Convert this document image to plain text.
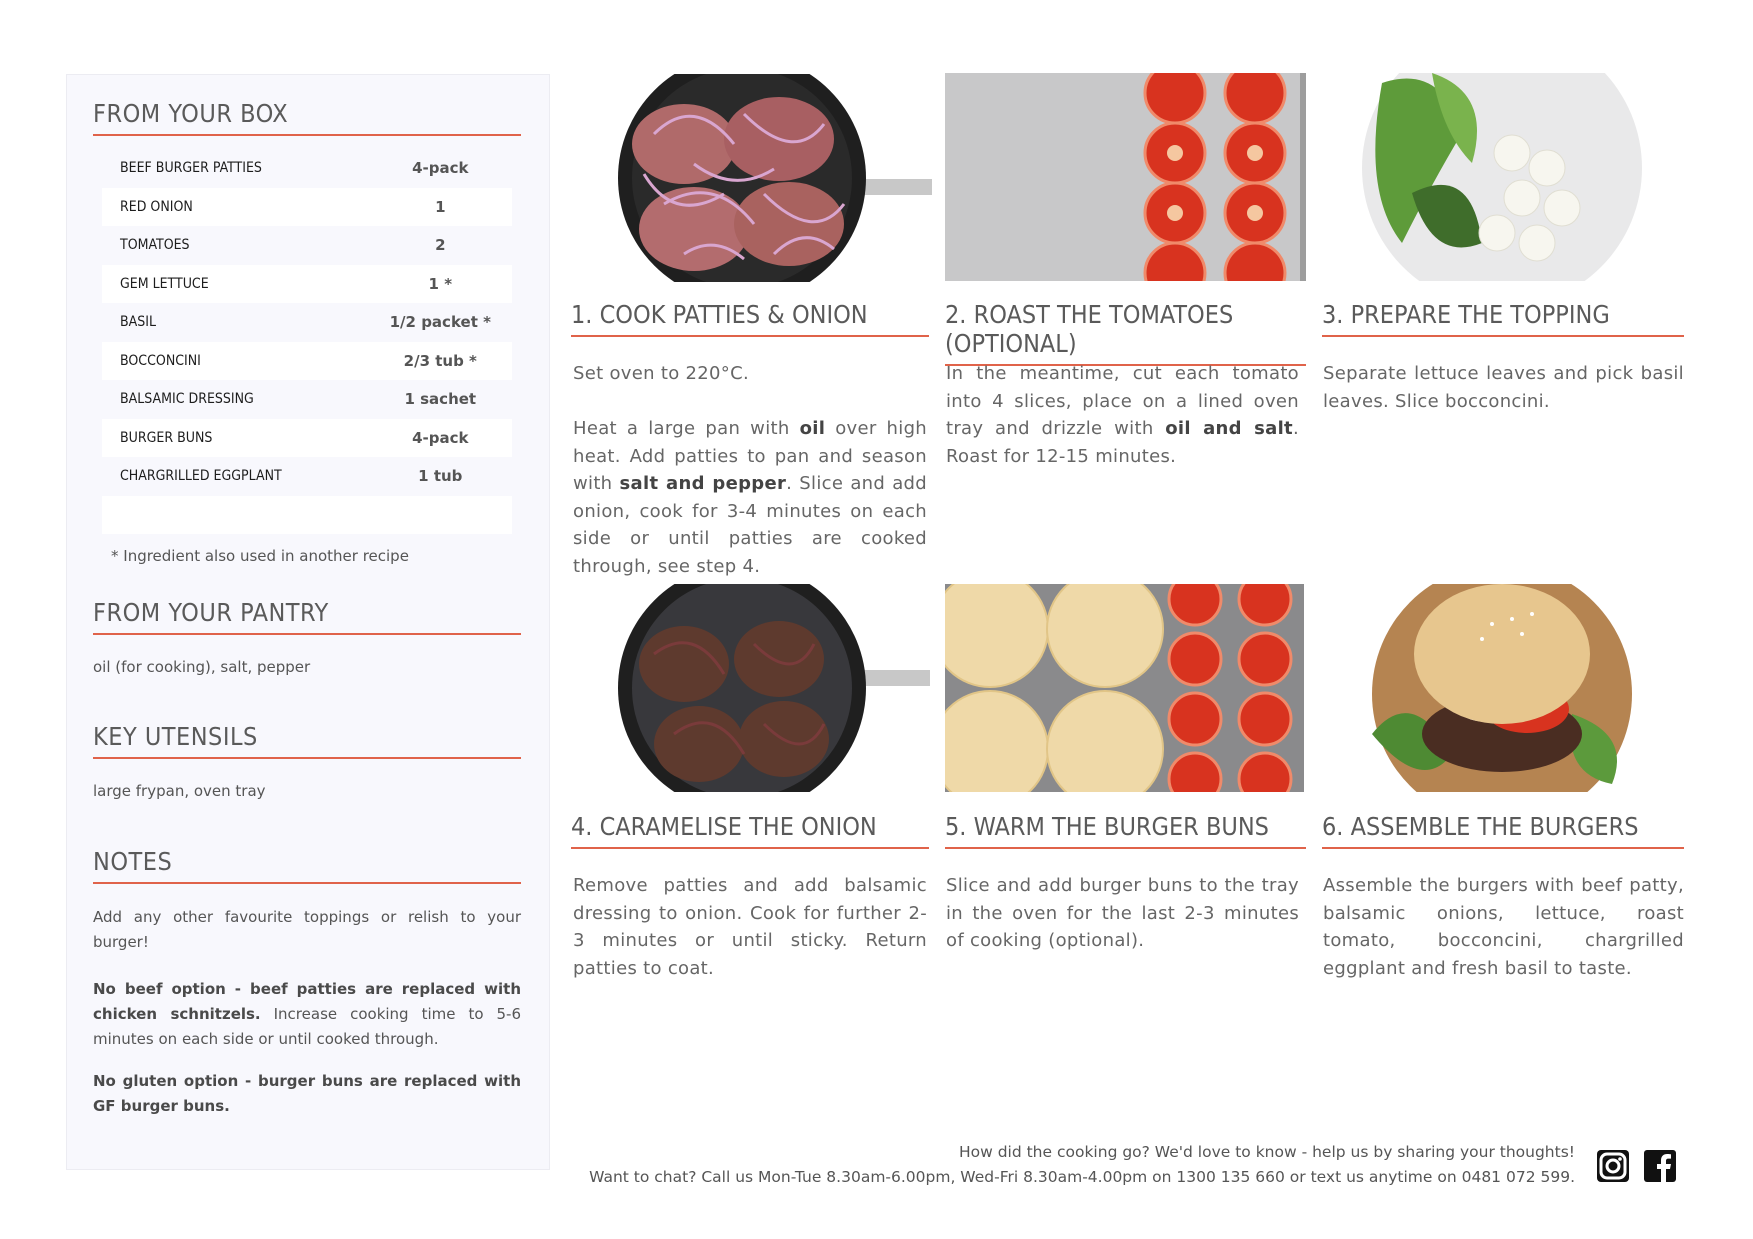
FROM YOUR BOX
BEEF BURGER PATTIES	4-pack
RED ONION	1
TOMATOES	2
GEM LETTUCE	1 *
BASIL	1/2 packet *
BOCCONCINI	2/3 tub *
BALSAMIC DRESSING	1 sachet
BURGER BUNS	4-pack
CHARGRILLED EGGPLANT	1 tub
* Ingredient also used in another recipe
FROM YOUR PANTRY

oil (for cooking), salt, pepper

KEY UTENSILS

large frypan, oven tray

NOTES

Add any other favourite toppings or relish to your burger!

No beef option - beef patties are replaced with chicken schnitzels. Increase cooking time to 5-6 minutes on each side or until cooked through.

No gluten option - burger buns are replaced with GF burger buns.

1. COOK PATTIES & ONION

Set oven to 220°C.

Heat a large pan with oil over high heat. Add patties to pan and season with salt and pepper. Slice and add onion, cook for 3-4 minutes on each side or until patties are cooked through, see step 4.

2. ROAST THE TOMATOES (OPTIONAL)

In the meantime, cut each tomato into 4 slices, place on a lined oven tray and drizzle with oil and salt. Roast for 12-15 minutes.

3. PREPARE THE TOPPING

Separate lettuce leaves and pick basil leaves. Slice bocconcini.

4. CARAMELISE THE ONION

Remove patties and add balsamic dressing to onion. Cook for further 2-3 minutes or until sticky. Return patties to coat.

5. WARM THE BURGER BUNS

Slice and add burger buns to the tray in the oven for the last 2-3 minutes of cooking (optional).

6. ASSEMBLE THE BURGERS

Assemble the burgers with beef patty, balsamic onions, lettuce, roast tomato, bocconcini, chargrilled eggplant and fresh basil to taste.

How did the cooking go? We'd love to know - help us by sharing your thoughts!

Want to chat? Call us Mon-Tue 8.30am-6.00pm, Wed-Fri 8.30am-4.00pm on 1300 135 660 or text us anytime on 0481 072 599.
